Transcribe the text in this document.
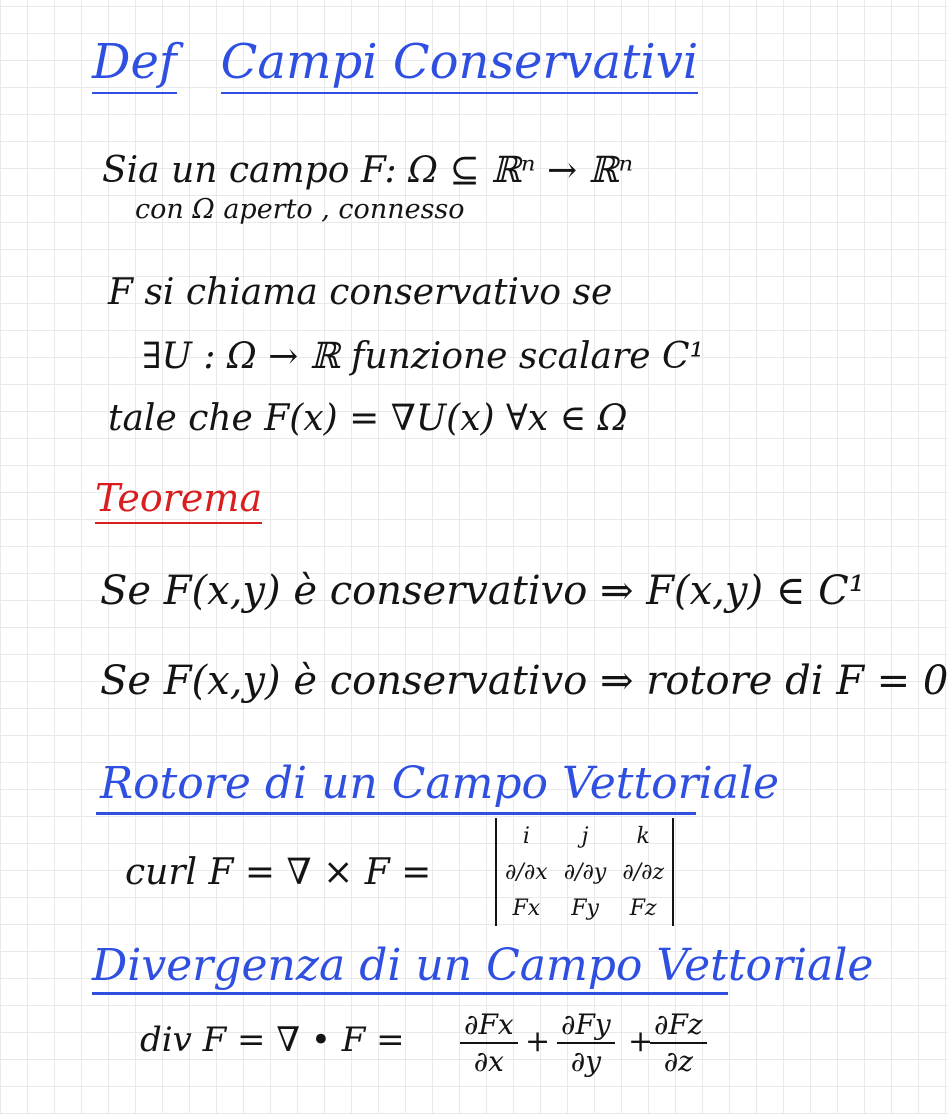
Def Campi Conservativi
Sia un campo F: Ω ⊆ ℝⁿ → ℝⁿ
con Ω aperto , connesso
F si chiama conservativo se
∃U : Ω → ℝ funzione scalare C¹
tale che F(x) = ∇U(x) ∀x ∈ Ω
Teorema
Se F(x,y) è conservativo ⇒ F(x,y) ∈ C¹
Se F(x,y) è conservativo ⇒ rotore di F = 0
Rotore di un Campo Vettoriale
curl F = ∇ × F =
i	j	k
∂/∂x	∂/∂y	∂/∂z
Fx	Fy	Fz
Divergenza di un Campo Vettoriale
div F = ∇ • $F = \frac{\partial Fx}{\partial x} + \frac{\partial Fy}{\partial y}$ +
$\frac{\partial Fz}{\partial z}$
